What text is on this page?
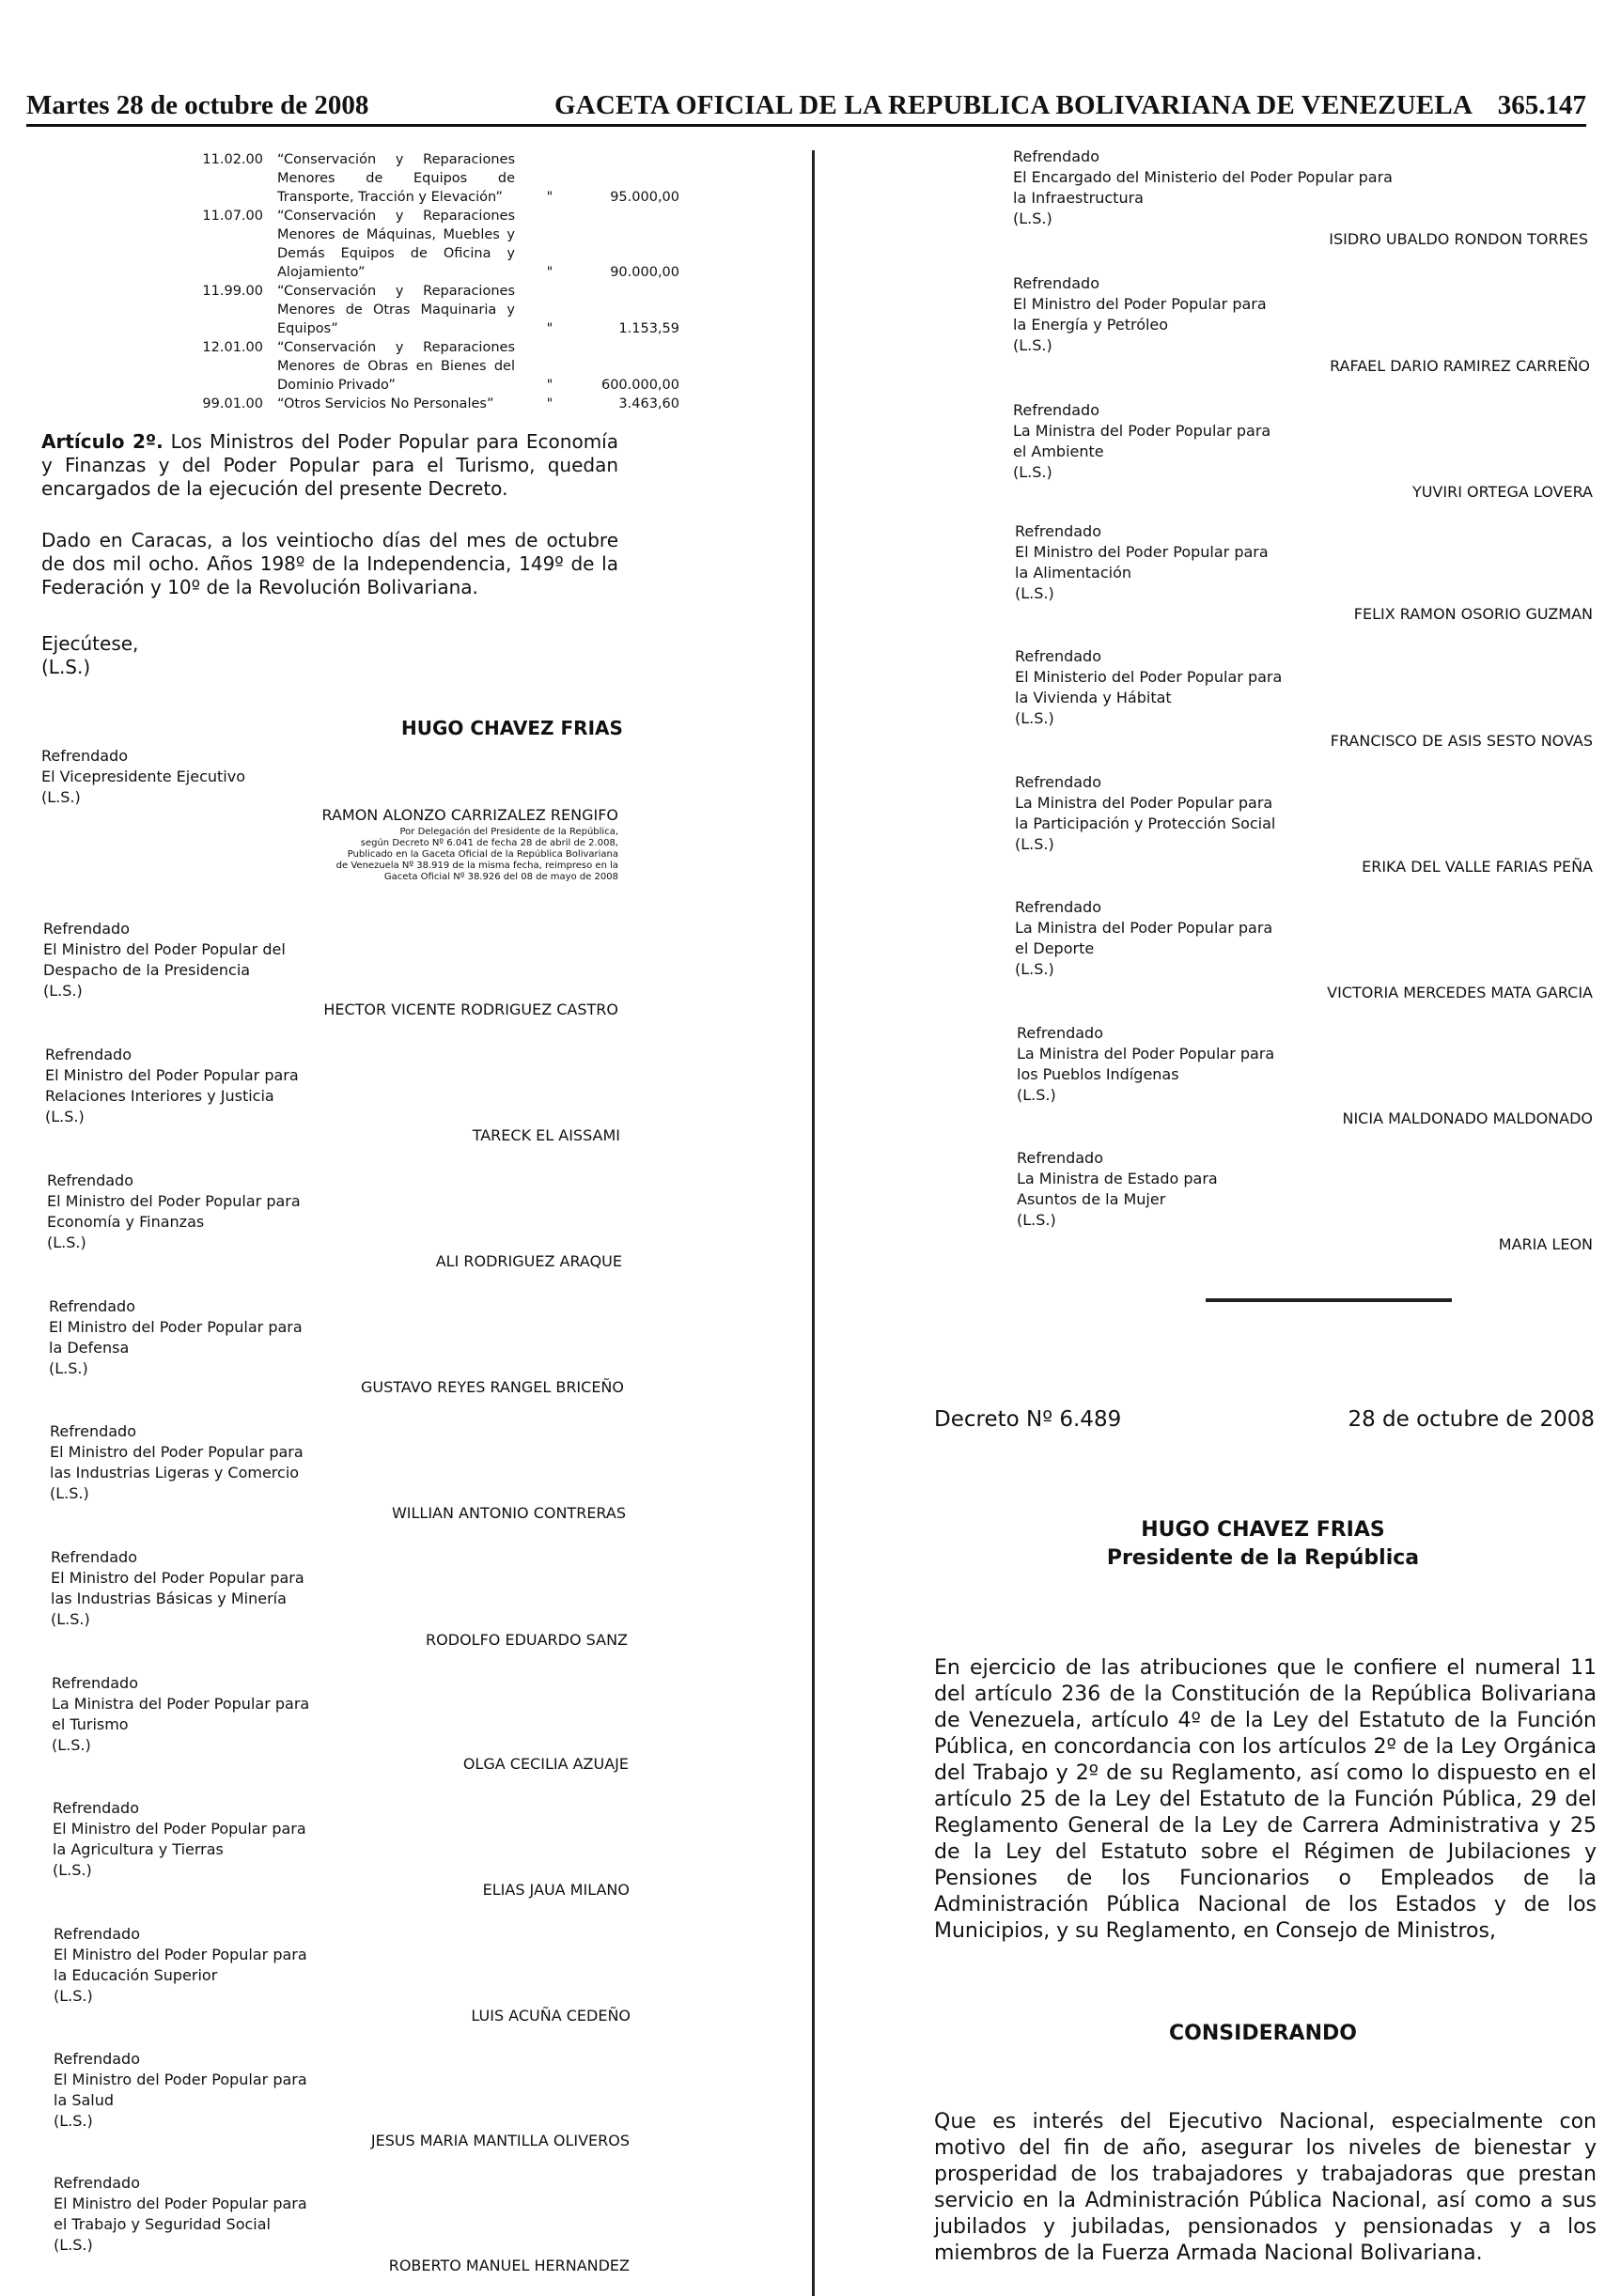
Martes 28 de octubre de 2008	GACETA OFICIAL DE LA REPUBLICA BOLIVARIANA DE VENEZUELA 365.147
11.02.00 “Conservación y Reparaciones Menores de Equipos de Transporte, Tracción y Elevación”	"	95.000,00
11.07.00 “Conservación y Reparaciones Menores de Máquinas, Muebles y Demás Equipos de Oficina y Alojamiento”	"	90.000,00
11.99.00 “Conservación y Reparaciones Menores de Otras Maquinaria y Equipos”	"	1.153,59
12.01.00 “Conservación y Reparaciones Menores de Obras en Bienes del Dominio Privado”	"	600.000,00
99.01.00 “Otros Servicios No Personales”	"	3.463,60
Artículo 2º. Los Ministros del Poder Popular para Economía y Finanzas y del Poder Popular para el Turismo, quedan encargados de la ejecución del presente Decreto.
Dado en Caracas, a los veintiocho días del mes de octubre de dos mil ocho. Años 198º de la Independencia, 149º de la Federación y 10º de la Revolución Bolivariana.
Ejecútese,
(L.S.)
HUGO CHAVEZ FRIAS
Refrendado
El Vicepresidente Ejecutivo
(L.S.)
RAMON ALONZO CARRIZALEZ RENGIFO
Por Delegación del Presidente de la República,
según Decreto Nº 6.041 de fecha 28 de abril de 2.008,
Publicado en la Gaceta Oficial de la República Bolivariana
de Venezuela Nº 38.919 de la misma fecha, reimpreso en la
Gaceta Oficial Nº 38.926 del 08 de mayo de 2008
Refrendado
El Ministro del Poder Popular del
Despacho de la Presidencia
(L.S.)
HECTOR VICENTE RODRIGUEZ CASTRO
Refrendado
El Ministro del Poder Popular para
Relaciones Interiores y Justicia
(L.S.)
TARECK EL AISSAMI
Refrendado
El Ministro del Poder Popular para
Economía y Finanzas
(L.S.)
ALI RODRIGUEZ ARAQUE
Refrendado
El Ministro del Poder Popular para
la Defensa
(L.S.)
GUSTAVO REYES RANGEL BRICEÑO
Refrendado
El Ministro del Poder Popular para
las Industrias Ligeras y Comercio
(L.S.)
WILLIAN ANTONIO CONTRERAS
Refrendado
El Ministro del Poder Popular para
las Industrias Básicas y Minería
(L.S.)
RODOLFO EDUARDO SANZ
Refrendado
La Ministra del Poder Popular para
el Turismo
(L.S.)
OLGA CECILIA AZUAJE
Refrendado
El Ministro del Poder Popular para
la Agricultura y Tierras
(L.S.)
ELIAS JAUA MILANO
Refrendado
El Ministro del Poder Popular para
la Educación Superior
(L.S.)
LUIS ACUÑA CEDEÑO
Refrendado
El Ministro del Poder Popular para
la Salud
(L.S.)
JESUS MARIA MANTILLA OLIVEROS
Refrendado
El Ministro del Poder Popular para
el Trabajo y Seguridad Social
(L.S.)
ROBERTO MANUEL HERNANDEZ
Refrendado
El Encargado del Ministerio del Poder Popular para
la Infraestructura
(L.S.)
ISIDRO UBALDO RONDON TORRES
Refrendado
El Ministro del Poder Popular para
la Energía y Petróleo
(L.S.)
RAFAEL DARIO RAMIREZ CARREÑO
Refrendado
La Ministra del Poder Popular para
el Ambiente
(L.S.)
YUVIRI ORTEGA LOVERA
Refrendado
El Ministro del Poder Popular para
la Alimentación
(L.S.)
FELIX RAMON OSORIO GUZMAN
Refrendado
El Ministerio del Poder Popular para
la Vivienda y Hábitat
(L.S.)
FRANCISCO DE ASIS SESTO NOVAS
Refrendado
La Ministra del Poder Popular para
la Participación y Protección Social
(L.S.)
ERIKA DEL VALLE FARIAS PEÑA
Refrendado
La Ministra del Poder Popular para
el Deporte
(L.S.)
VICTORIA MERCEDES MATA GARCIA
Refrendado
La Ministra del Poder Popular para
los Pueblos Indígenas
(L.S.)
NICIA MALDONADO MALDONADO
Refrendado
La Ministra de Estado para
Asuntos de la Mujer
(L.S.)
MARIA LEON
Decreto Nº 6.489	28 de octubre de 2008
HUGO CHAVEZ FRIAS
Presidente de la República
En ejercicio de las atribuciones que le confiere el numeral 11 del artículo 236 de la Constitución de la República Bolivariana de Venezuela, artículo 4º de la Ley del Estatuto de la Función Pública, en concordancia con los artículos 2º de la Ley Orgánica del Trabajo y 2º de su Reglamento, así como lo dispuesto en el artículo 25 de la Ley del Estatuto de la Función Pública, 29 del Reglamento General de la Ley de Carrera Administrativa y 25 de la Ley del Estatuto sobre el Régimen de Jubilaciones y Pensiones de los Funcionarios o Empleados de la Administración Pública Nacional de los Estados y de los Municipios, y su Reglamento, en Consejo de Ministros,
CONSIDERANDO
Que es interés del Ejecutivo Nacional, especialmente con motivo del fin de año, asegurar los niveles de bienestar y prosperidad de los trabajadores y trabajadoras que prestan servicio en la Administración Pública Nacional, así como a sus jubilados y jubiladas, pensionados y pensionadas y a los miembros de la Fuerza Armada Nacional Bolivariana.
